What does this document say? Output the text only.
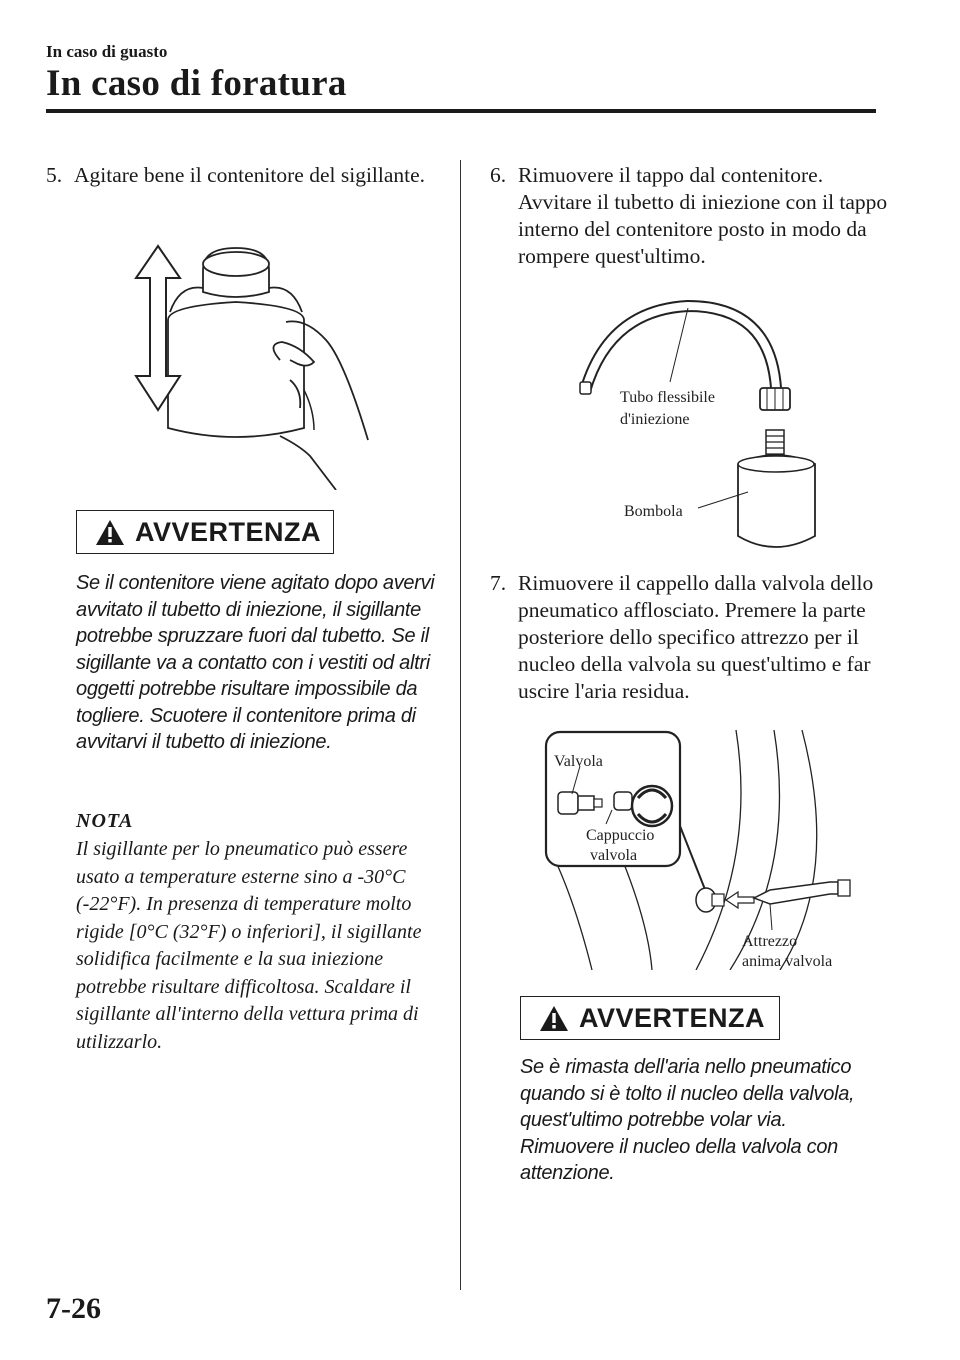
In caso di guasto
In caso di foratura
5. Agitare bene il contenitore del sigillante.
AVVERTENZA
Se il contenitore viene agitato dopo avervi avvitato il tubetto di iniezione, il sigillante potrebbe spruzzare fuori dal tubetto. Se il sigillante va a contatto con i vestiti od altri oggetti potrebbe risultare impossibile da togliere. Scuotere il contenitore prima di avvitarvi il tubetto di iniezione.
NOTA
Il sigillante per lo pneumatico può essere usato a temperature esterne sino a -30°C (-22°F). In presenza di temperature molto rigide [0°C (32°F) o inferiori], il sigillante solidifica facilmente e la sua iniezione potrebbe risultare difficoltosa. Scaldare il sigillante all'interno della vettura prima di utilizzarlo.
6. Rimuovere il tappo dal contenitore. Avvitare il tubetto di iniezione con il tappo interno del contenitore posto in modo da rompere quest'ultimo.
Tubo flessibile
d'iniezione
Bombola
7. Rimuovere il cappello dalla valvola dello pneumatico afflosciato. Premere la parte posteriore dello specifico attrezzo per il nucleo della valvola su quest'ultimo e far uscire l'aria residua.
Valvola
Cappuccio
valvola
Attrezzo
anima valvola
AVVERTENZA
Se è rimasta dell'aria nello pneumatico quando si è tolto il nucleo della valvola, quest'ultimo potrebbe volar via. Rimuovere il nucleo della valvola con attenzione.
7-26
